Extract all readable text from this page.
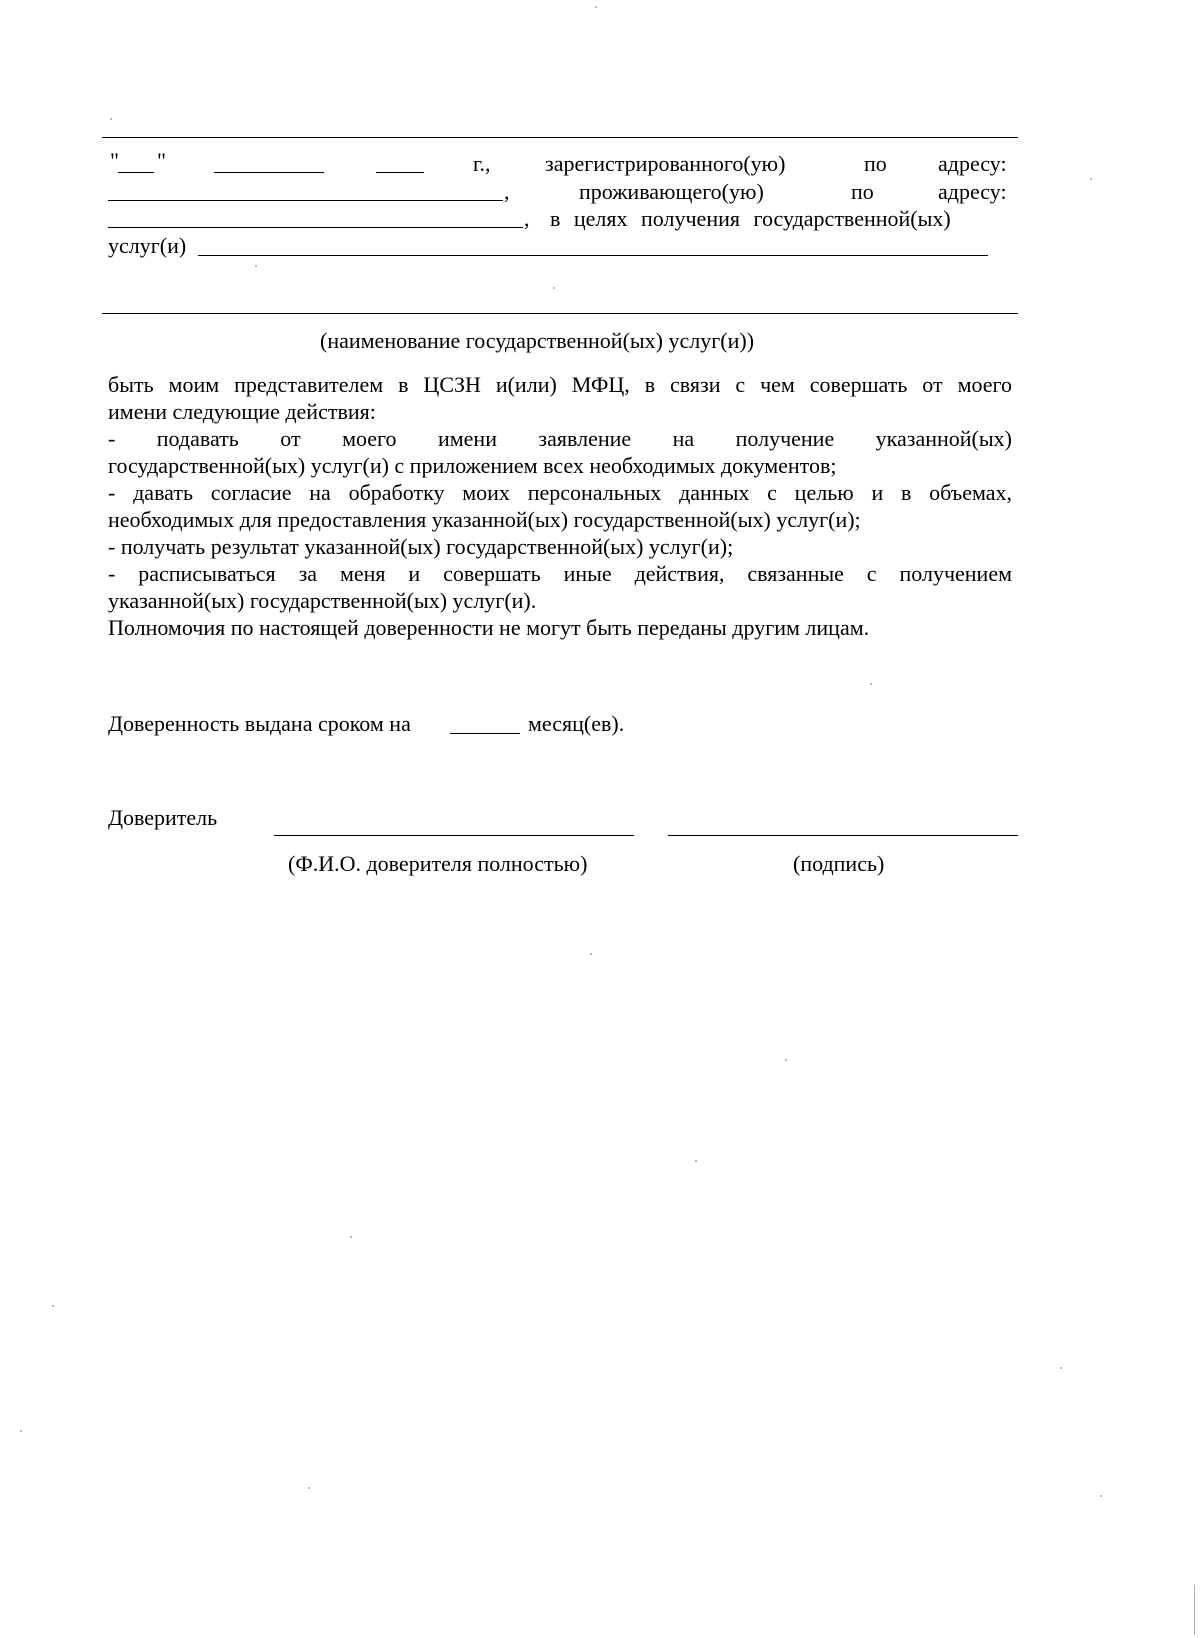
" "	г., зарегистрированного(ую)	по адресу:
,	проживающего(ую)	по	адресу:
, в целях получения государственной(ых)
услуг(и)
(наименование государственной(ых) услуг(и))
быть моим представителем в ЦСЗН и(или) МФЦ, в связи с чем совершать от моего
имени следующие действия:
- подавать от моего имени заявление на получение указанной(ых)
государственной(ых) услуг(и) с приложением всех необходимых документов;
- давать согласие на обработку моих персональных данных с целью и в объемах,
необходимых для предоставления указанной(ых) государственной(ых) услуг(и);
- получать результат указанной(ых) государственной(ых) услуг(и);
- расписываться за меня и совершать иные действия, связанные с получением
указанной(ых) государственной(ых) услуг(и).
Полномочия по настоящей доверенности не могут быть переданы другим лицам.
Доверенность выдана сроком на	месяц(ев).
Доверитель
(Ф.И.О. доверителя полностью)	(подпись)
